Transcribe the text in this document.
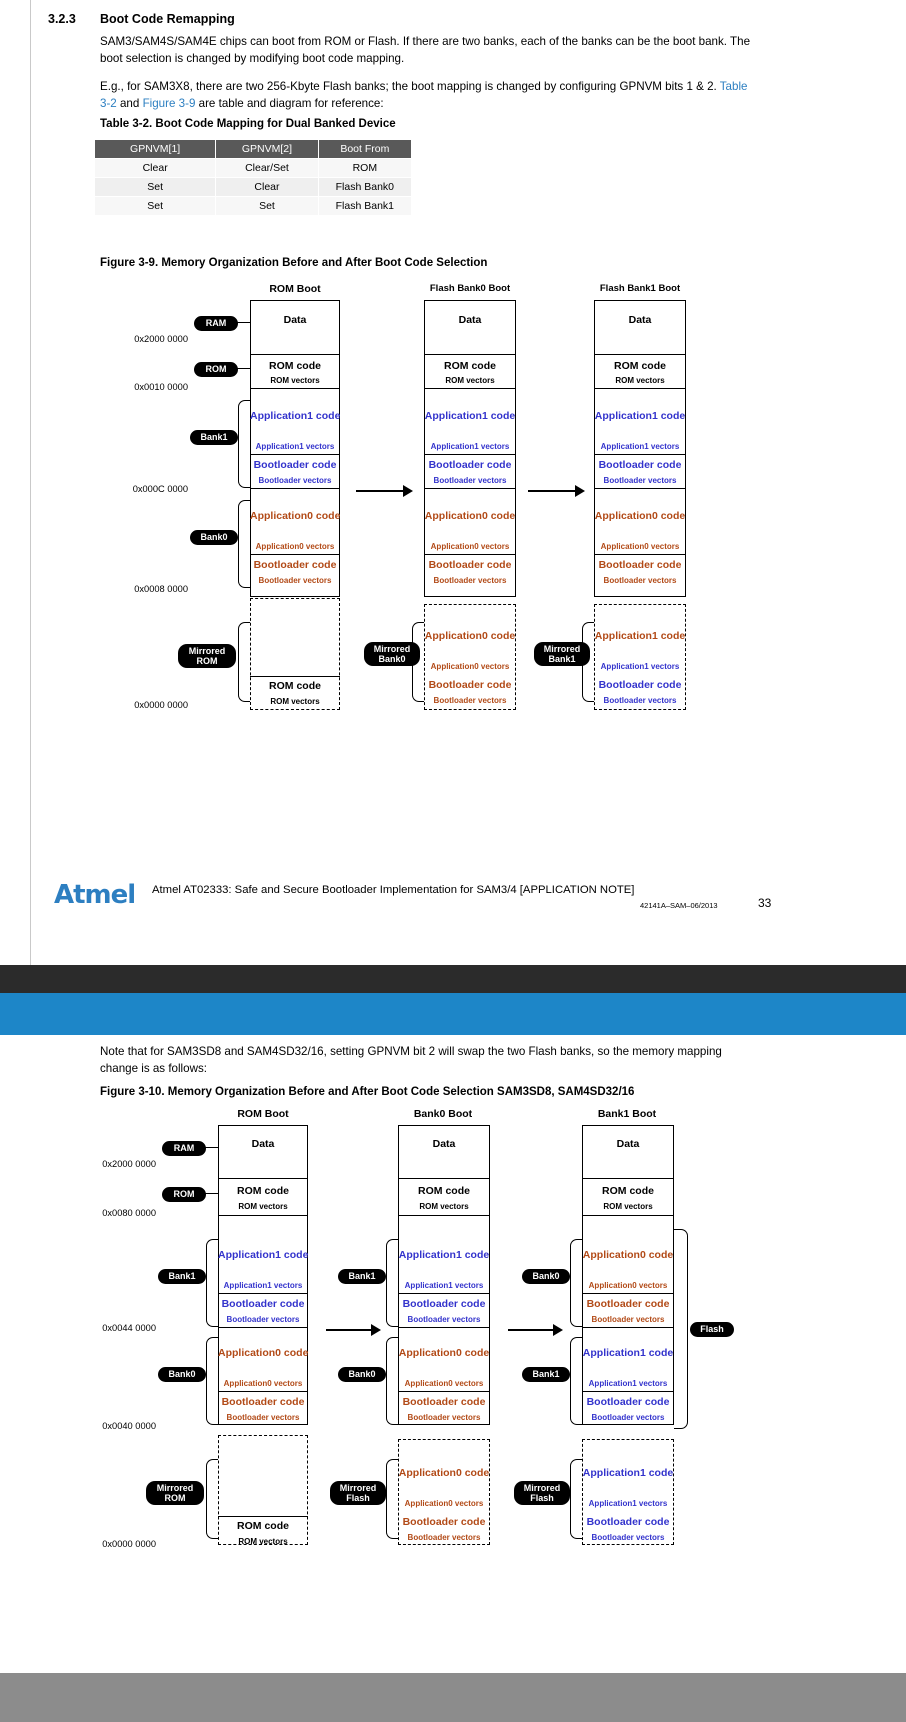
3.2.3 Boot Code Remapping
SAM3/SAM4S/SAM4E chips can boot from ROM or Flash. If there are two banks, each of the banks can be the boot bank. The boot selection is changed by modifying boot code mapping.
E.g., for SAM3X8, there are two 256-Kbyte Flash banks; the boot mapping is changed by configuring GPNVM bits 1 & 2. Table 3-2 and Figure 3-9 are table and diagram for reference:
Table 3-2. Boot Code Mapping for Dual Banked Device
GPNVM[1]	GPNVM[2]	Boot From
Clear	Clear/Set	ROM
Set	Clear	Flash Bank0
Set	Set	Flash Bank1
Figure 3-9. Memory Organization Before and After Boot Code Selection
ROM Boot	Flash Bank0 Boot	Flash Bank1 Boot
Data
ROM code
ROM vectors
Application1 code
Application1 vectors
Bootloader code
Bootloader vectors
Application0 code
Application0 vectors
Bootloader code
Bootloader vectors
ROM code
ROM vectors
0x2000 0000
0x0010 0000
0x000C 0000
0x0008 0000
0x0000 0000
RAM
ROM
Bank1
Bank0
Mirrored ROM
Data
ROM code
ROM vectors
Application1 code
Application1 vectors
Bootloader code
Bootloader vectors
Application0 code
Application0 vectors
Bootloader code
Bootloader vectors
Application0 code
Application0 vectors
Bootloader code
Bootloader vectors
Mirrored Bank0
Data
ROM code
ROM vectors
Application1 code
Application1 vectors
Bootloader code
Bootloader vectors
Application0 code
Application0 vectors
Bootloader code
Bootloader vectors
Application1 code
Application1 vectors
Bootloader code
Bootloader vectors
Mirrored Bank1
Atmel Atmel AT02333: Safe and Secure Bootloader Implementation for SAM3/4 [APPLICATION NOTE]
42141A–SAM–06/2013	33
Note that for SAM3SD8 and SAM4SD32/16, setting GPNVM bit 2 will swap the two Flash banks, so the memory mapping change is as follows:
Figure 3-10. Memory Organization Before and After Boot Code Selection SAM3SD8, SAM4SD32/16
ROM Boot	Bank0 Boot	Bank1 Boot
Data
ROM code
ROM vectors
Application1 code
Application1 vectors
Bootloader code
Bootloader vectors
Application0 code
Application0 vectors
Bootloader code
Bootloader vectors
ROM code
ROM vectors
0x2000 0000
0x0080 0000
0x0044 0000
0x0040 0000
0x0000 0000
RAM
ROM
Bank1
Bank0
Mirrored ROM
Data
ROM code
ROM vectors
Application1 code
Application1 vectors
Bootloader code
Bootloader vectors
Application0 code
Application0 vectors
Bootloader code
Bootloader vectors
Application0 code
Application0 vectors
Bootloader code
Bootloader vectors
Bank1
Bank0
Mirrored Flash
Data
ROM code
ROM vectors
Application0 code
Application0 vectors
Bootloader code
Bootloader vectors
Application1 code
Application1 vectors
Bootloader code
Bootloader vectors
Application1 code
Application1 vectors
Bootloader code
Bootloader vectors
Bank0
Bank1
Mirrored Flash
Flash
